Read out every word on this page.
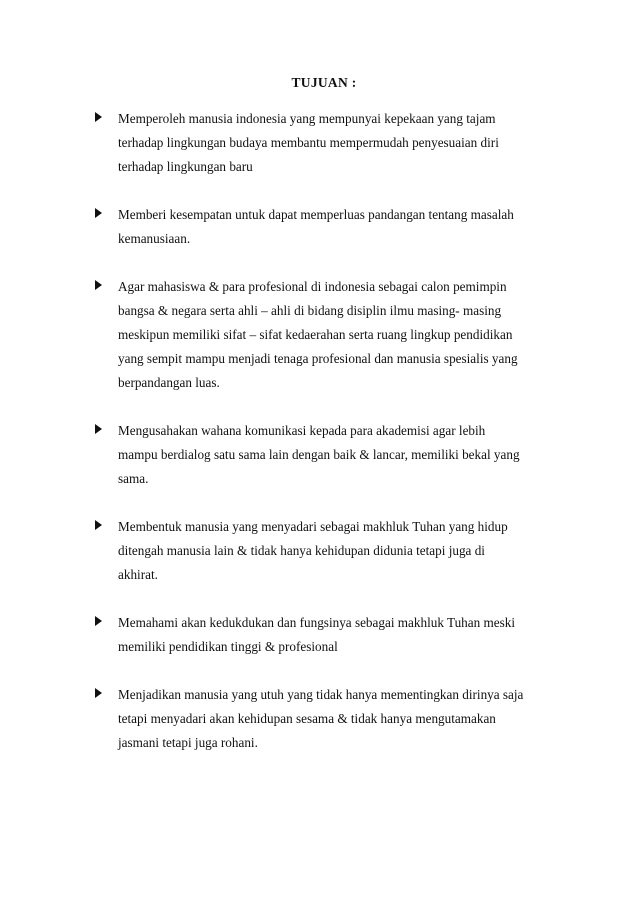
TUJUAN :
Memperoleh manusia indonesia yang mempunyai kepekaan yang tajam
terhadap lingkungan budaya membantu mempermudah penyesuaian diri
terhadap lingkungan baru
Memberi kesempatan untuk dapat memperluas pandangan tentang masalah
kemanusiaan.
Agar mahasiswa & para profesional di indonesia sebagai calon pemimpin
bangsa & negara serta ahli – ahli di bidang disiplin ilmu masing- masing
meskipun memiliki sifat – sifat kedaerahan serta ruang lingkup pendidikan
yang sempit mampu menjadi tenaga profesional dan manusia spesialis yang
berpandangan luas.
Mengusahakan wahana komunikasi kepada para akademisi agar lebih
mampu berdialog satu sama lain dengan baik & lancar, memiliki bekal yang
sama.
Membentuk manusia yang menyadari sebagai makhluk Tuhan yang hidup
ditengah manusia lain & tidak hanya kehidupan didunia tetapi juga di
akhirat.
Memahami akan kedukdukan dan fungsinya sebagai makhluk Tuhan meski
memiliki pendidikan tinggi & profesional
Menjadikan manusia yang utuh yang tidak hanya mementingkan dirinya saja
tetapi menyadari akan kehidupan sesama & tidak hanya mengutamakan
jasmani tetapi juga rohani.
